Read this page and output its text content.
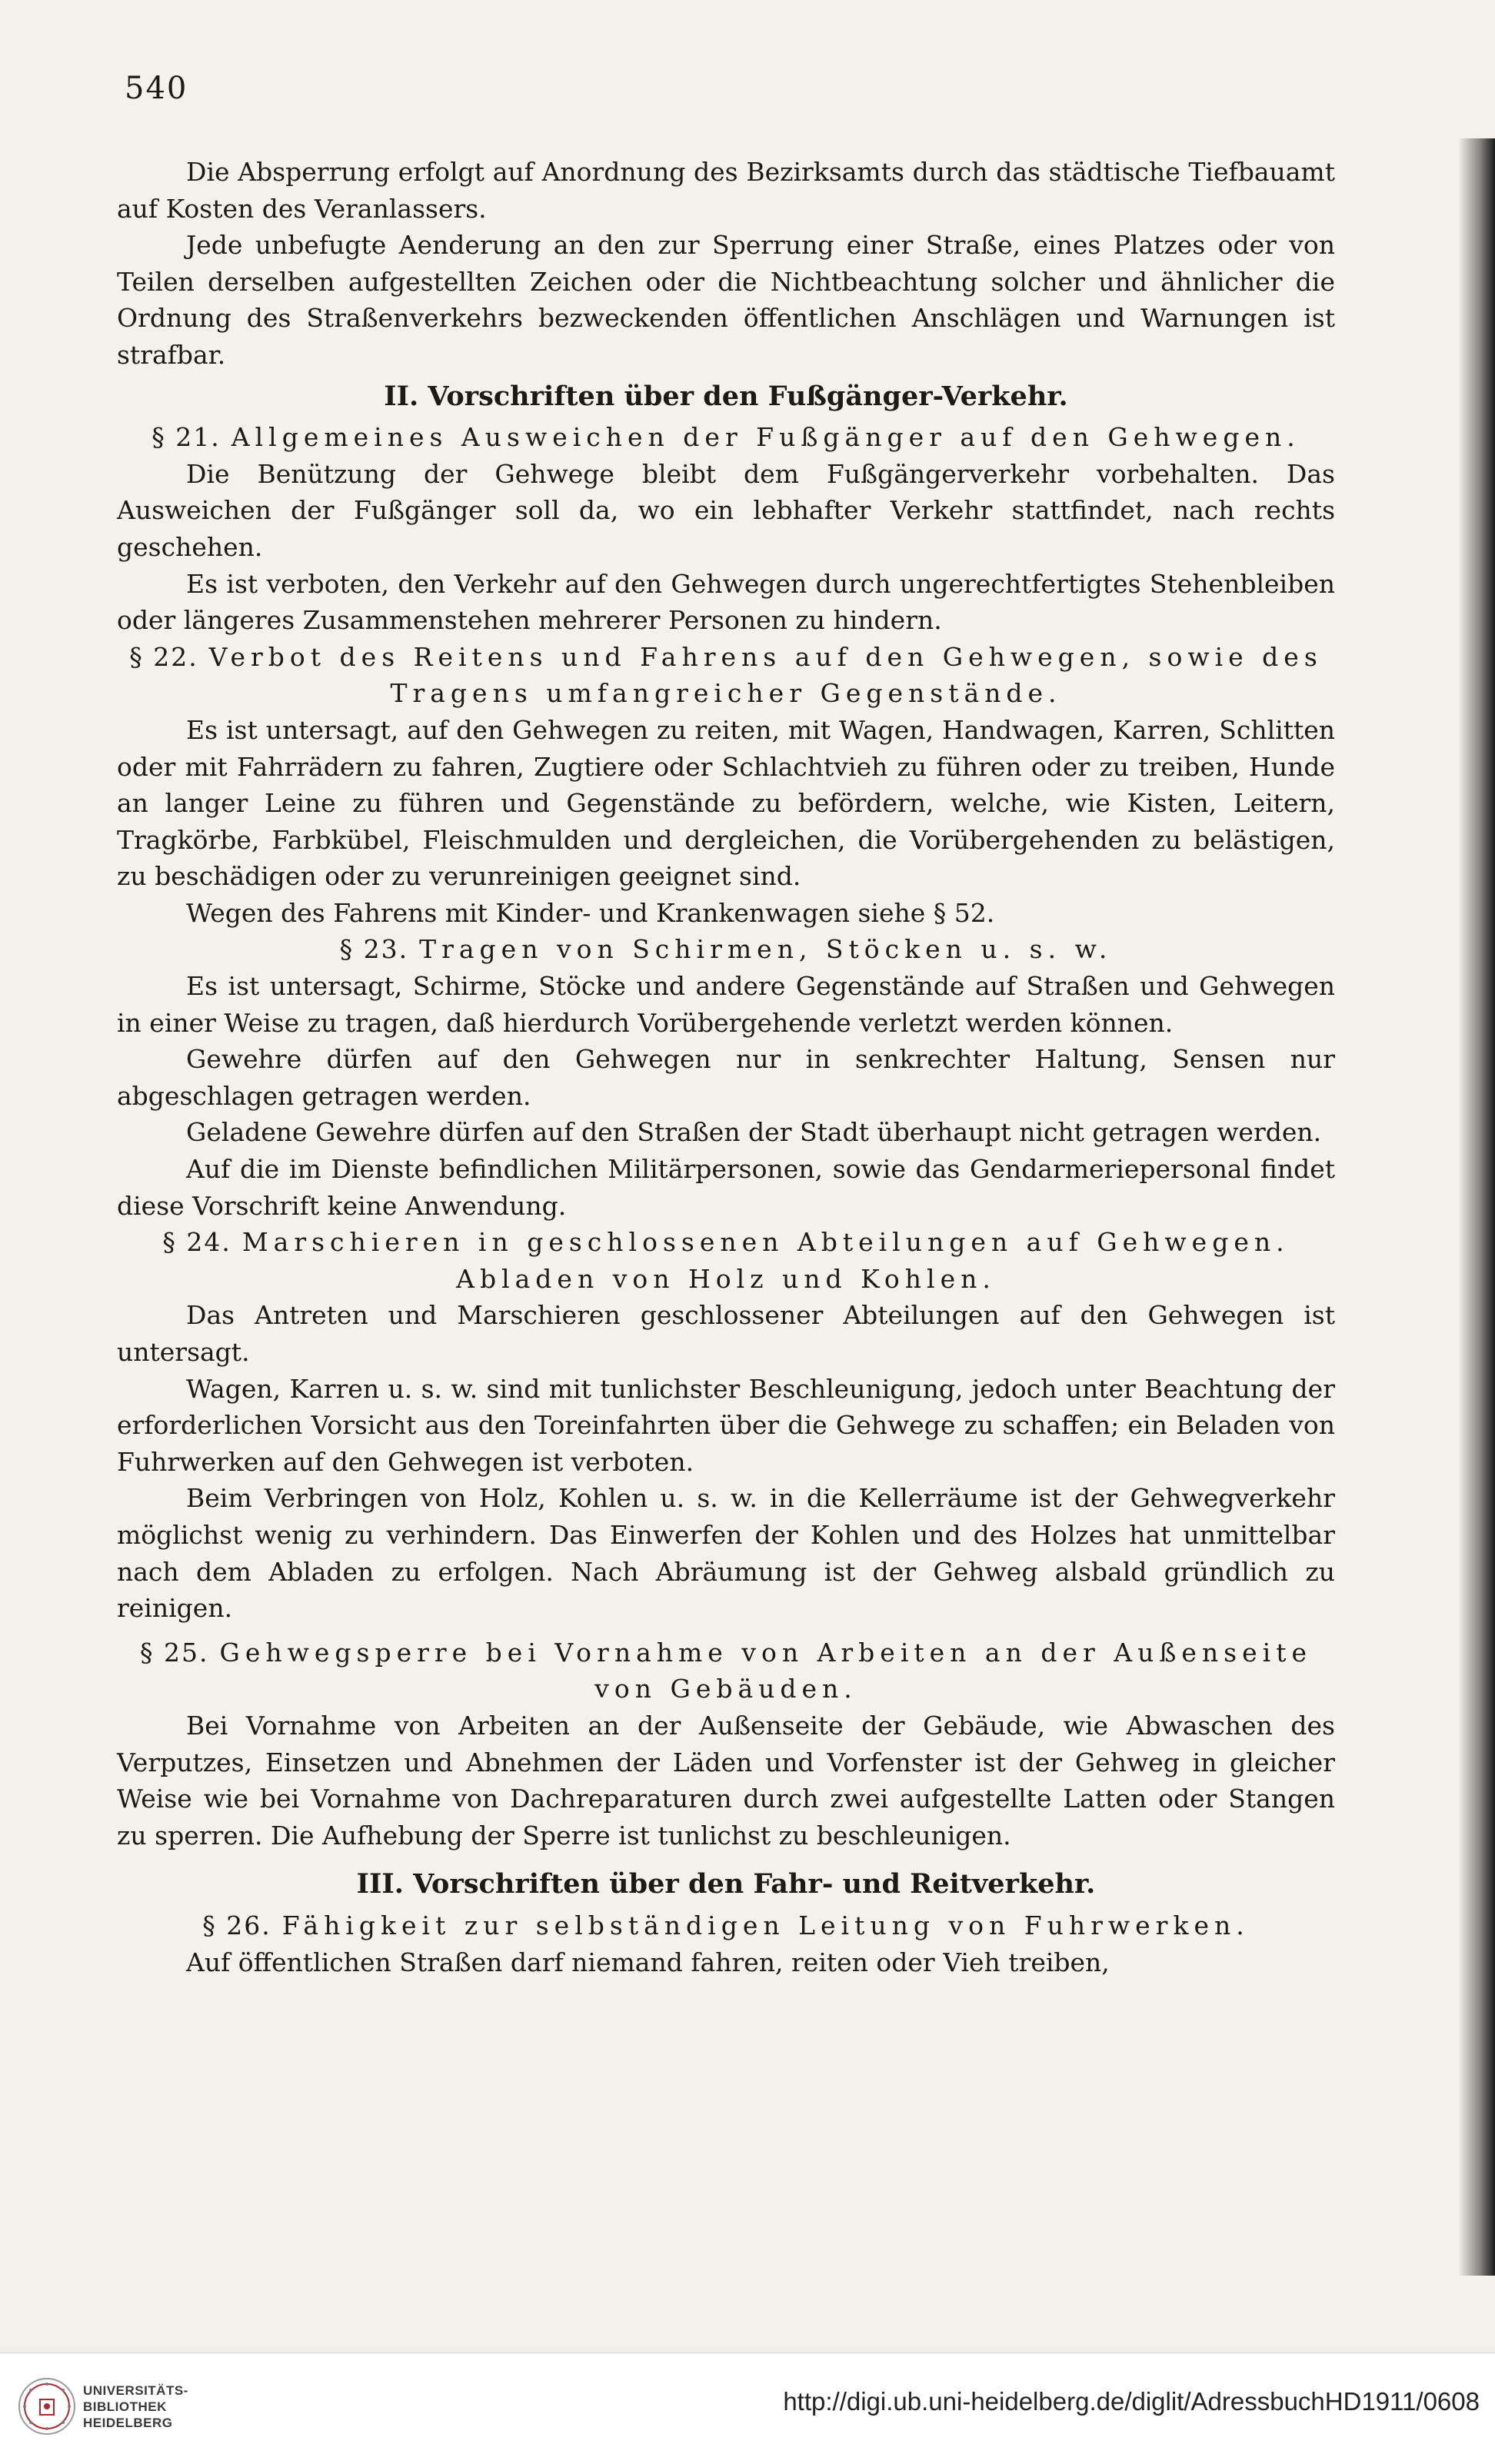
540

Die Absperrung erfolgt auf Anordnung des Bezirksamts durch das städtische Tiefbauamt auf Kosten des Veranlassers.

Jede unbefugte Aenderung an den zur Sperrung einer Straße, eines Platzes oder von Teilen derselben aufgestellten Zeichen oder die Nichtbeachtung solcher und ähnlicher die Ordnung des Straßenverkehrs bezweckenden öffentlichen Anschlägen und Warnungen ist strafbar.

II. Vorschriften über den Fußgänger-Verkehr.

§ 21. Allgemeines Ausweichen der Fußgänger auf den Gehwegen.

Die Benützung der Gehwege bleibt dem Fußgängerverkehr vorbehalten. Das Ausweichen der Fußgänger soll da, wo ein lebhafter Verkehr stattfindet, nach rechts geschehen.

Es ist verboten, den Verkehr auf den Gehwegen durch ungerechtfertigtes Stehenbleiben oder längeres Zusammenstehen mehrerer Personen zu hindern.

§ 22. Verbot des Reitens und Fahrens auf den Gehwegen, sowie des Tragens umfangreicher Gegenstände.

Es ist untersagt, auf den Gehwegen zu reiten, mit Wagen, Handwagen, Karren, Schlitten oder mit Fahrrädern zu fahren, Zugtiere oder Schlachtvieh zu führen oder zu treiben, Hunde an langer Leine zu führen und Gegenstände zu befördern, welche, wie Kisten, Leitern, Tragkörbe, Farbkübel, Fleischmulden und dergleichen, die Vorübergehenden zu belästigen, zu beschädigen oder zu verunreinigen geeignet sind.

Wegen des Fahrens mit Kinder- und Krankenwagen siehe § 52.

§ 23. Tragen von Schirmen, Stöcken u. s. w.

Es ist untersagt, Schirme, Stöcke und andere Gegenstände auf Straßen und Gehwegen in einer Weise zu tragen, daß hierdurch Vorübergehende verletzt werden können.

Gewehre dürfen auf den Gehwegen nur in senkrechter Haltung, Sensen nur abgeschlagen getragen werden.

Geladene Gewehre dürfen auf den Straßen der Stadt überhaupt nicht getragen werden.

Auf die im Dienste befindlichen Militärpersonen, sowie das Gendarmeriepersonal findet diese Vorschrift keine Anwendung.

§ 24. Marschieren in geschlossenen Abteilungen auf Gehwegen. Abladen von Holz und Kohlen.

Das Antreten und Marschieren geschlossener Abteilungen auf den Gehwegen ist untersagt.

Wagen, Karren u. s. w. sind mit tunlichster Beschleunigung, jedoch unter Beachtung der erforderlichen Vorsicht aus den Toreinfahrten über die Gehwege zu schaffen; ein Beladen von Fuhrwerken auf den Gehwegen ist verboten.

Beim Verbringen von Holz, Kohlen u. s. w. in die Kellerräume ist der Gehwegverkehr möglichst wenig zu verhindern. Das Einwerfen der Kohlen und des Holzes hat unmittelbar nach dem Abladen zu erfolgen. Nach Abräumung ist der Gehweg alsbald gründlich zu reinigen.

§ 25. Gehwegsperre bei Vornahme von Arbeiten an der Außenseite von Gebäuden.

Bei Vornahme von Arbeiten an der Außenseite der Gebäude, wie Abwaschen des Verputzes, Einsetzen und Abnehmen der Läden und Vorfenster ist der Gehweg in gleicher Weise wie bei Vornahme von Dachreparaturen durch zwei aufgestellte Latten oder Stangen zu sperren. Die Aufhebung der Sperre ist tunlichst zu beschleunigen.

III. Vorschriften über den Fahr- und Reitverkehr.

§ 26. Fähigkeit zur selbständigen Leitung von Fuhrwerken.

Auf öffentlichen Straßen darf niemand fahren, reiten oder Vieh treiben,

UNIVERSITÄTS-
BIBLIOTHEK
HEIDELBERG
http://digi.ub.uni-heidelberg.de/diglit/AdressbuchHD1911/0608
